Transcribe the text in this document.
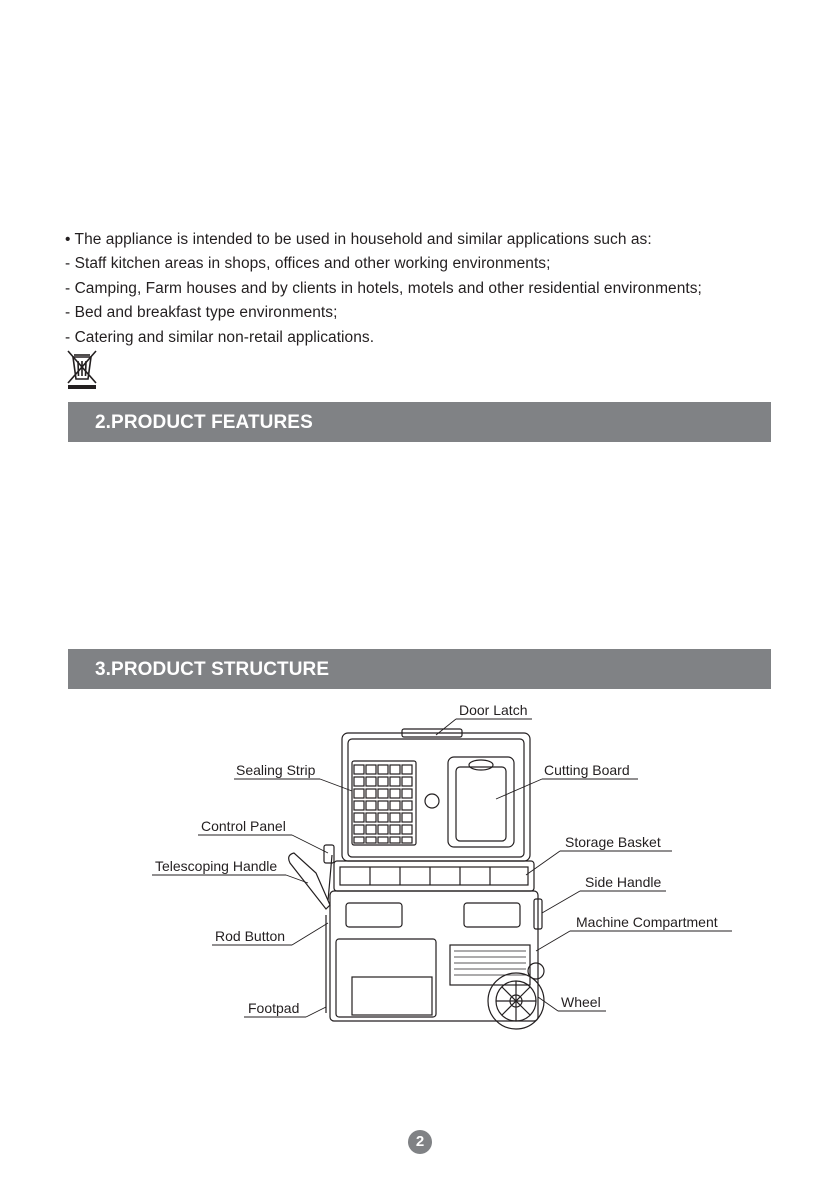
• The appliance is intended to be used in household and similar applications such as:
- Staff kitchen areas in shops, offices and other working environments;
- Camping, Farm houses and by clients in hotels, motels and other residential environments;
- Bed and breakfast type environments;
- Catering and similar non-retail applications.
2.PRODUCT FEATURES
3.PRODUCT STRUCTURE
Door Latch
Sealing Strip	Cutting Board
Control Panel
Storage Basket
Telescoping Handle
Side Handle
Rod Button
Machine Compartment
Wheel
Footpad
2
